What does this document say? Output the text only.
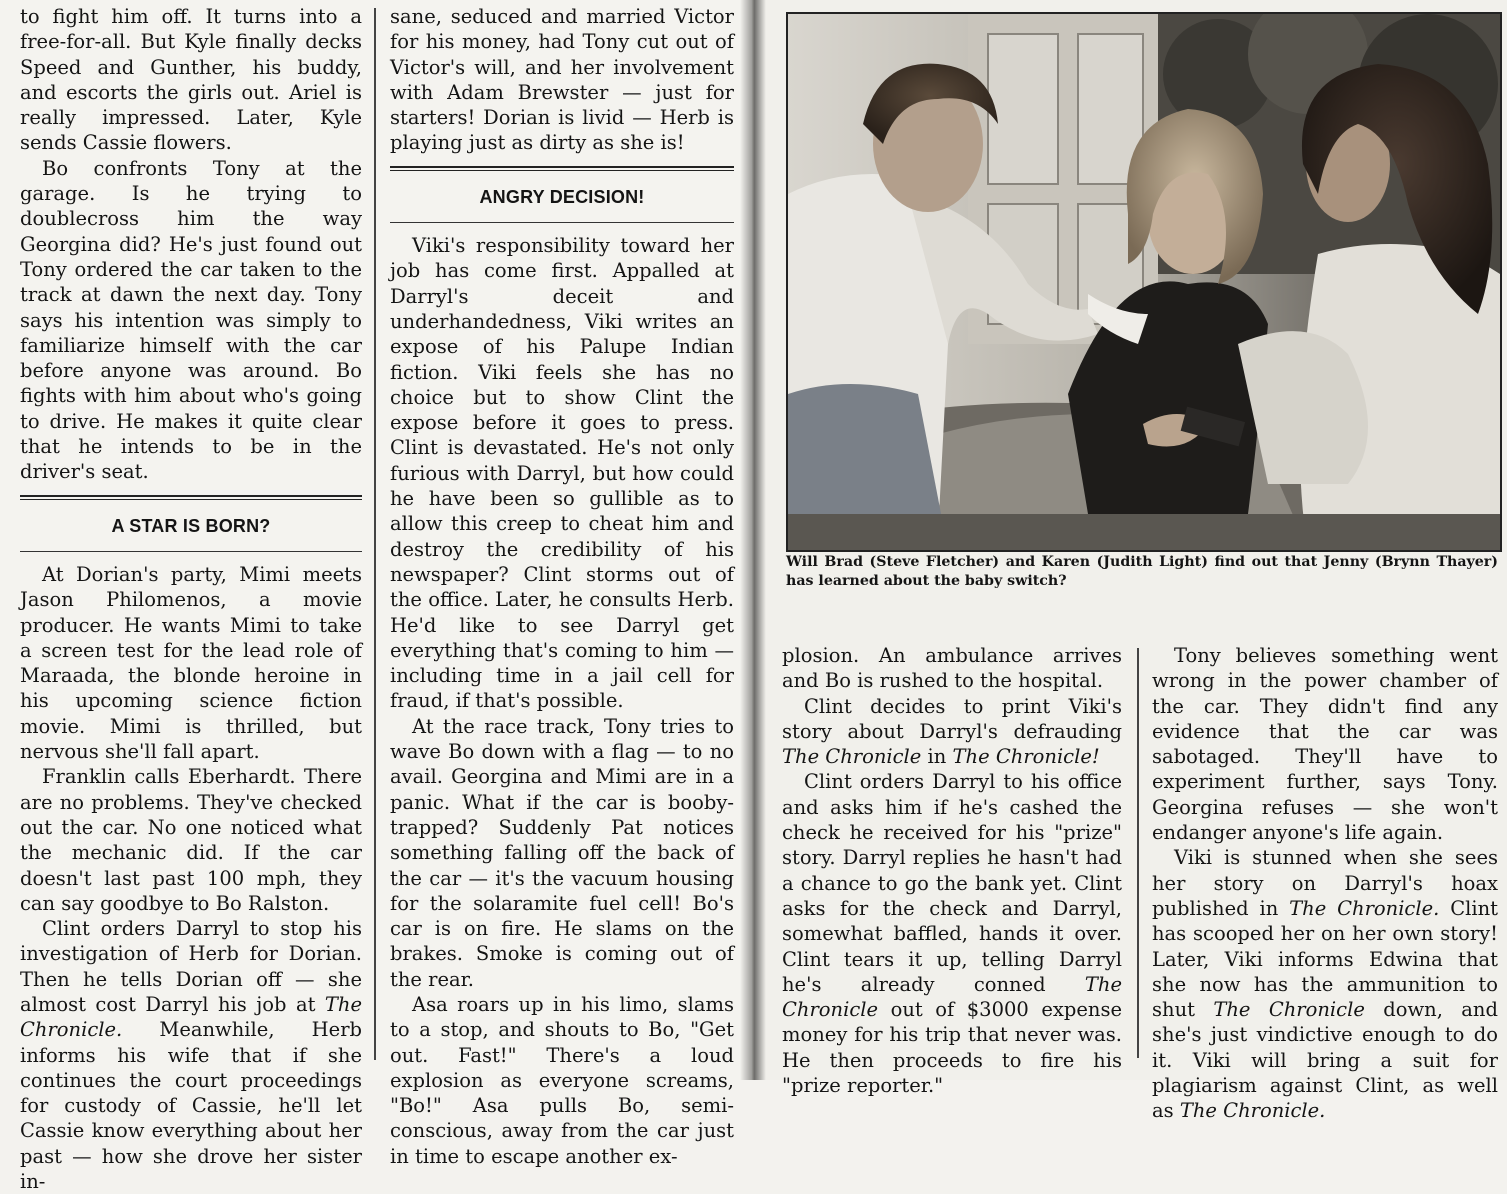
to fight him off. It turns into a free-for-all. But Kyle finally decks Speed and Gunther, his buddy, and escorts the girls out. Ariel is really impressed. Later, Kyle sends Cassie flowers.

Bo confronts Tony at the garage. Is he trying to doublecross him the way Georgina did? He's just found out Tony ordered the car taken to the track at dawn the next day. Tony says his intention was simply to familiarize himself with the car before anyone was around. Bo fights with him about who's going to drive. He makes it quite clear that he intends to be in the driver's seat.

A STAR IS BORN?

At Dorian's party, Mimi meets Jason Philomenos, a movie producer. He wants Mimi to take a screen test for the lead role of Maraada, the blonde heroine in his upcoming science fiction movie. Mimi is thrilled, but nervous she'll fall apart.

Franklin calls Eberhardt. There are no problems. They've checked out the car. No one noticed what the mechanic did. If the car doesn't last past 100 mph, they can say goodbye to Bo Ralston.

Clint orders Darryl to stop his investigation of Herb for Dorian. Then he tells Dorian off — she almost cost Darryl his job at The Chronicle. Meanwhile, Herb informs his wife that if she continues the court proceedings for custody of Cassie, he'll let Cassie know everything about her past — how she drove her sister in-

sane, seduced and married Victor for his money, had Tony cut out of Victor's will, and her involvement with Adam Brewster — just for starters! Dorian is livid — Herb is playing just as dirty as she is!

ANGRY DECISION!

Viki's responsibility toward her job has come first. Appalled at Darryl's deceit and underhandedness, Viki writes an expose of his Palupe Indian fiction. Viki feels she has no choice but to show Clint the expose before it goes to press. Clint is devastated. He's not only furious with Darryl, but how could he have been so gullible as to allow this creep to cheat him and destroy the credibility of his newspaper? Clint storms out of the office. Later, he consults Herb. He'd like to see Darryl get everything that's coming to him — including time in a jail cell for fraud, if that's possible.

At the race track, Tony tries to wave Bo down with a flag — to no avail. Georgina and Mimi are in a panic. What if the car is booby-trapped? Suddenly Pat notices something falling off the back of the car — it's the vacuum housing for the solaramite fuel cell! Bo's car is on fire. He slams on the brakes. Smoke is coming out of the rear.

Asa roars up in his limo, slams to a stop, and shouts to Bo, "Get out. Fast!" There's a loud explosion as everyone screams, "Bo!" Asa pulls Bo, semi-conscious, away from the car just in time to escape another ex-

Will Brad (Steve Fletcher) and Karen (Judith Light) find out that Jenny (Brynn Thayer) has learned about the baby switch?

plosion. An ambulance arrives and Bo is rushed to the hospital.

Clint decides to print Viki's story about Darryl's defrauding The Chronicle in The Chronicle!

Clint orders Darryl to his office and asks him if he's cashed the check he received for his "prize" story. Darryl replies he hasn't had a chance to go the bank yet. Clint asks for the check and Darryl, somewhat baffled, hands it over. Clint tears it up, telling Darryl he's already conned The Chronicle out of $3000 expense money for his trip that never was. He then proceeds to fire his "prize reporter."

Tony believes something went wrong in the power chamber of the car. They didn't find any evidence that the car was sabotaged. They'll have to experiment further, says Tony. Georgina refuses — she won't endanger anyone's life again.

Viki is stunned when she sees her story on Darryl's hoax published in The Chronicle. Clint has scooped her on her own story! Later, Viki informs Edwina that she now has the ammunition to shut The Chronicle down, and she's just vindictive enough to do it. Viki will bring a suit for plagiarism against Clint, as well as The Chronicle.
